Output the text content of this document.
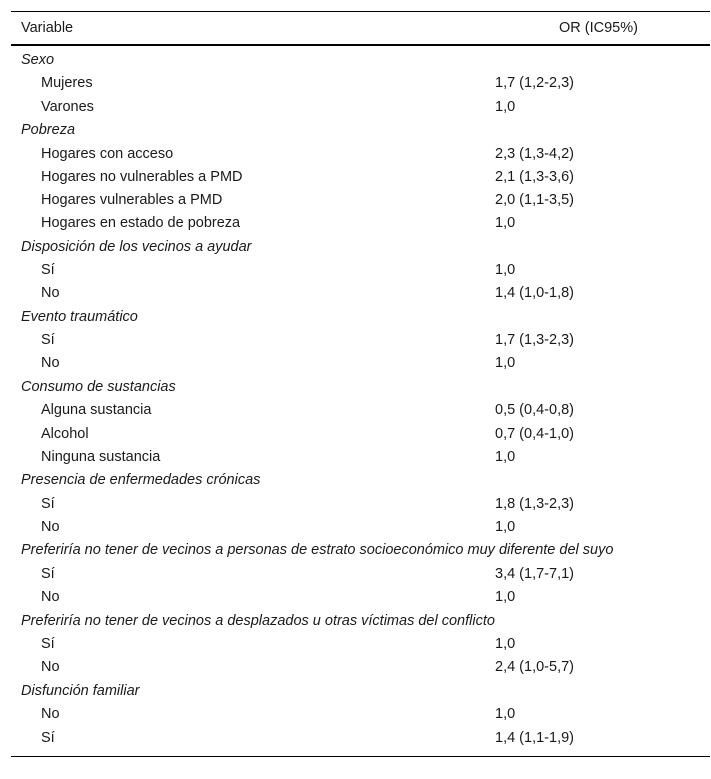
Variable	OR (IC95%)
Sexo
Mujeres	1,7 (1,2-2,3)
Varones	1,0
Pobreza
Hogares con acceso	2,3 (1,3-4,2)
Hogares no vulnerables a PMD	2,1 (1,3-3,6)
Hogares vulnerables a PMD	2,0 (1,1-3,5)
Hogares en estado de pobreza	1,0
Disposición de los vecinos a ayudar
Sí	1,0
No	1,4 (1,0-1,8)
Evento traumático
Sí	1,7 (1,3-2,3)
No	1,0
Consumo de sustancias
Alguna sustancia	0,5 (0,4-0,8)
Alcohol	0,7 (0,4-1,0)
Ninguna sustancia	1,0
Presencia de enfermedades crónicas
Sí	1,8 (1,3-2,3)
No	1,0
Preferiría no tener de vecinos a personas de estrato socioeconómico muy diferente del suyo
Sí	3,4 (1,7-7,1)
No	1,0
Preferiría no tener de vecinos a desplazados u otras víctimas del conflicto
Sí	1,0
No	2,4 (1,0-5,7)
Disfunción familiar
No	1,0
Sí	1,4 (1,1-1,9)
